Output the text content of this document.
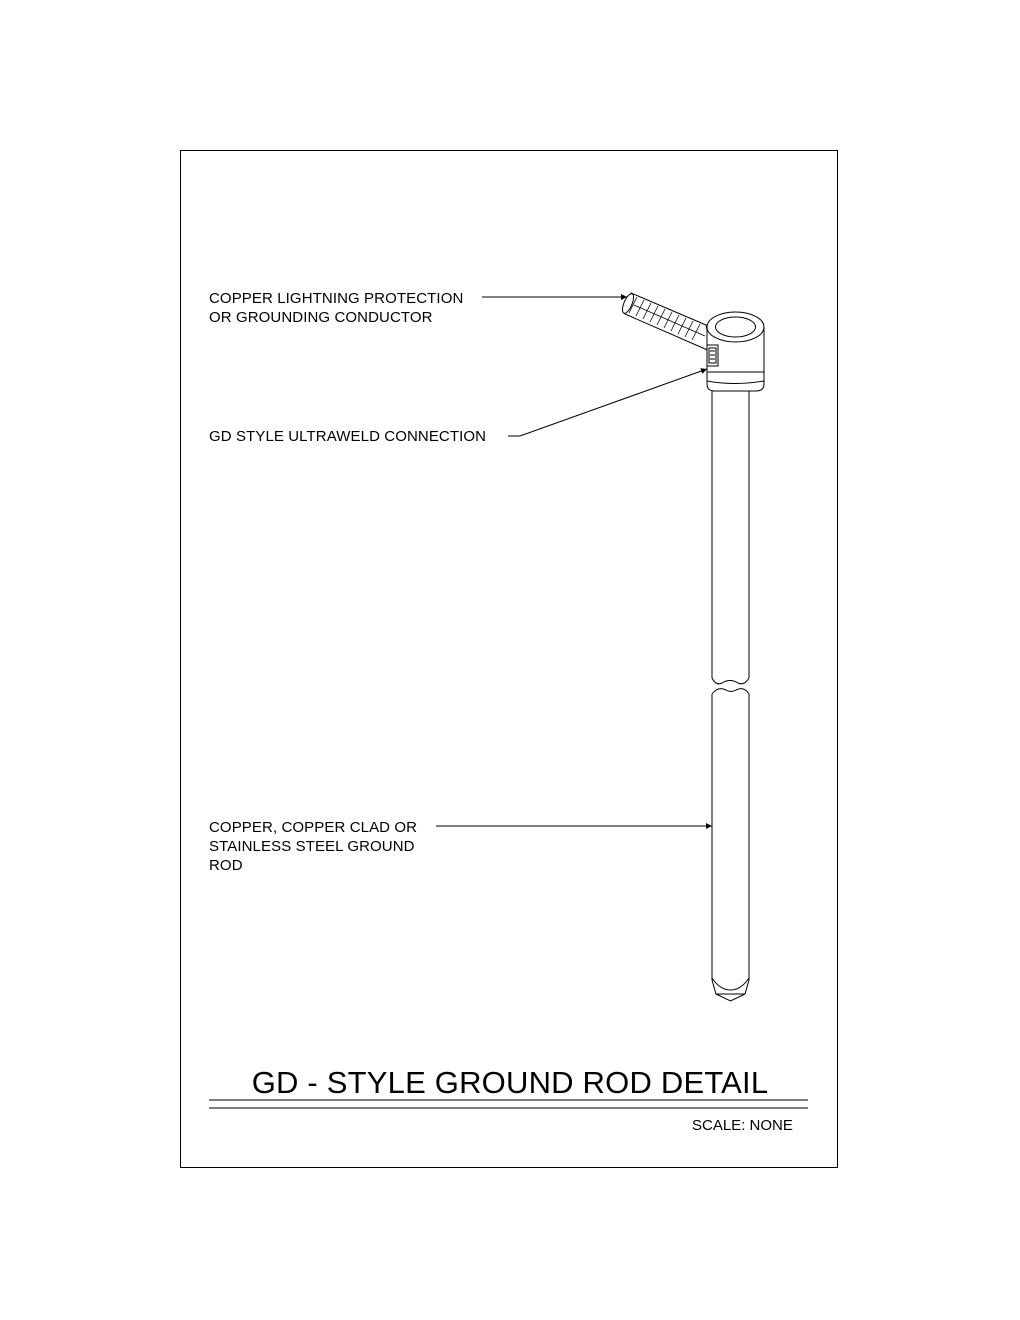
COPPER LIGHTNING PROTECTION
OR GROUNDING CONDUCTOR
GD STYLE ULTRAWELD CONNECTION
COPPER, COPPER CLAD OR
STAINLESS STEEL GROUND
ROD
GD - STYLE GROUND ROD DETAIL
SCALE: NONE
